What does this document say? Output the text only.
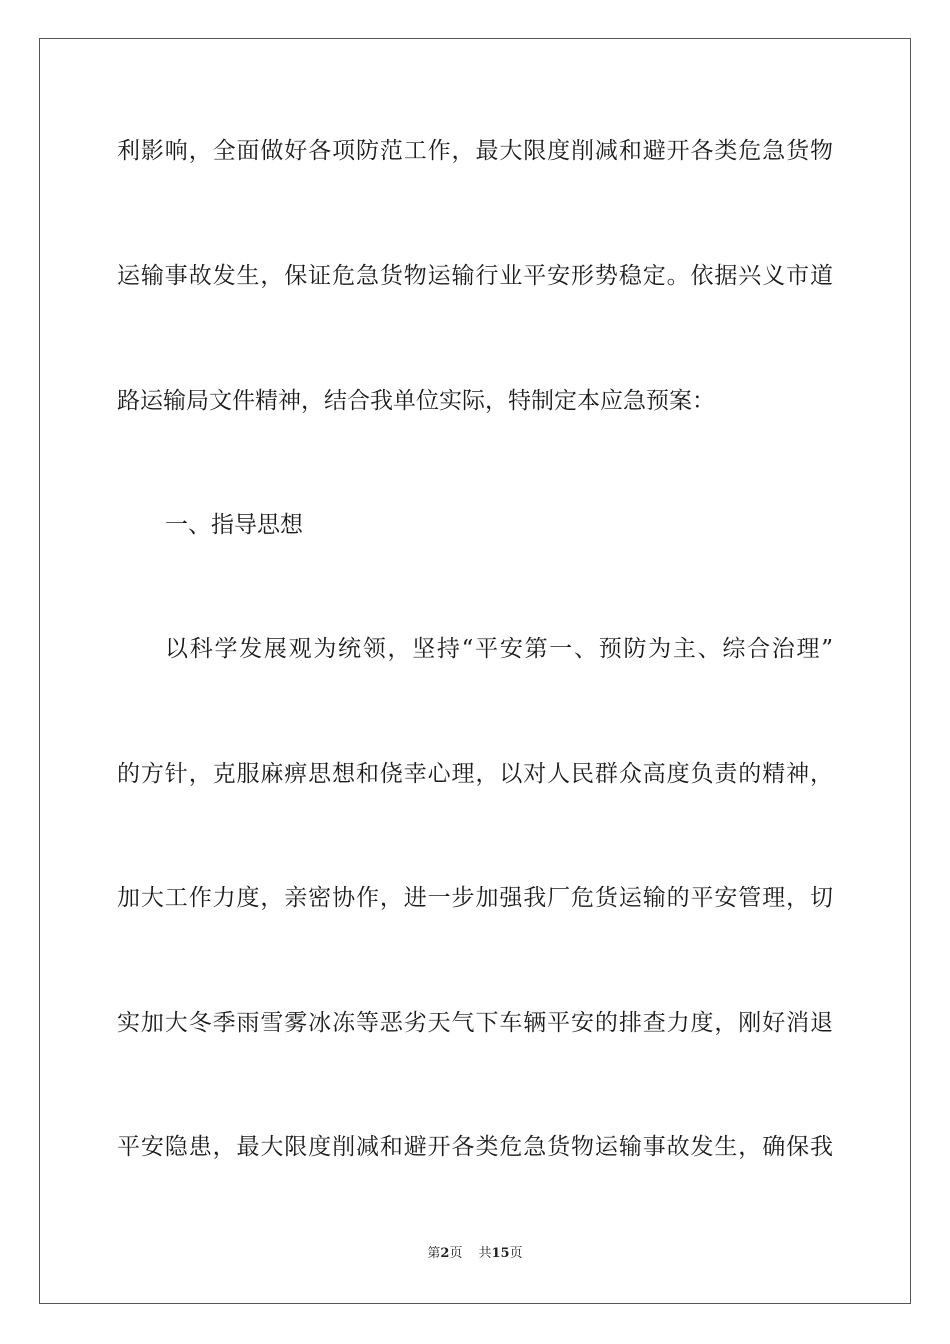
利影响，全面做好各项防范工作，最大限度削减和避开各类危急货物
运输事故发生，保证危急货物运输行业平安形势稳定。依据兴义市道
路运输局文件精神，结合我单位实际，特制定本应急预案：
一、指导思想
以科学发展观为统领，坚持“平安第一、预防为主、综合治理”
的方针，克服麻痹思想和侥幸心理，以对人民群众高度负责的精神，
加大工作力度，亲密协作，进一步加强我厂危货运输的平安管理，切
实加大冬季雨雪雾冰冻等恶劣天气下车辆平安的排查力度，刚好消退
平安隐患，最大限度削减和避开各类危急货物运输事故发生，确保我
第2页 共15页
